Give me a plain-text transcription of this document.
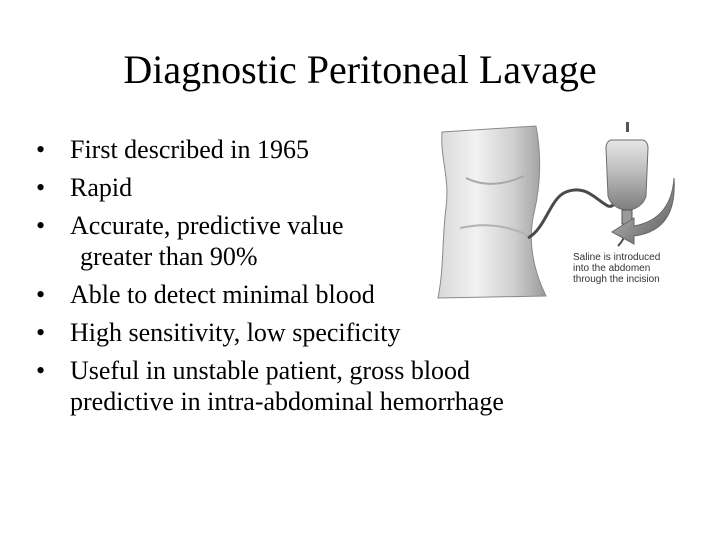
Diagnostic Peritoneal Lavage
• First described in 1965
• Rapid
• Accurate, predictive value
greater than 90%
• Able to detect minimal blood
• High sensitivity, low specificity
• Useful in unstable patient, gross blood
predictive in intra-abdominal hemorrhage
Saline is introduced
into the abdomen
through the incision
